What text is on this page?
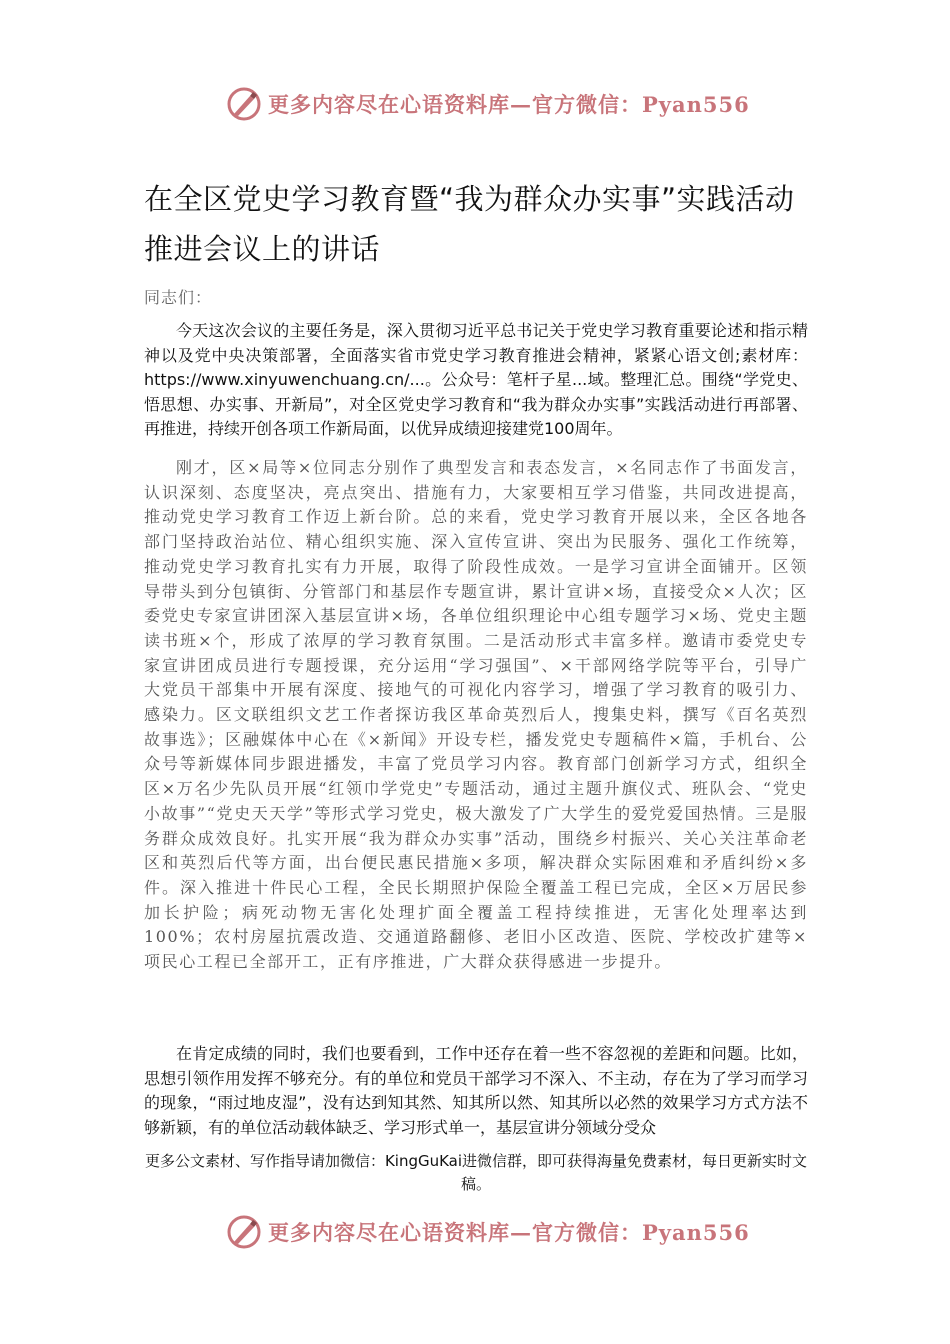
更多内容尽在心语资料库—官方微信：Pyan556
在全区党史学习教育暨“我为群众办实事”实践活动推进会议上的讲话
同志们：

今天这次会议的主要任务是，深入贯彻习近平总书记关于党史学习教育重要论述和指示精神以及党中央决策部署，全面落实省市党史学习教育推进会精神，紧紧心语文创;素材库：https://www.xinyuwenchuang.cn/...。公众号：笔杆子星...域。整理汇总。围绕“学党史、悟思想、办实事、开新局”，对全区党史学习教育和“我为群众办实事”实践活动进行再部署、再推进，持续开创各项工作新局面，以优异成绩迎接建党100周年。

刚才，区×局等×位同志分别作了典型发言和表态发言，×名同志作了书面发言，认识深刻、态度坚决，亮点突出、措施有力，大家要相互学习借鉴，共同改进提高，推动党史学习教育工作迈上新台阶。总的来看，党史学习教育开展以来，全区各地各部门坚持政治站位、精心组织实施、深入宣传宣讲、突出为民服务、强化工作统筹，推动党史学习教育扎实有力开展，取得了阶段性成效。一是学习宣讲全面铺开。区领导带头到分包镇街、分管部门和基层作专题宣讲，累计宣讲×场，直接受众×人次；区委党史专家宣讲团深入基层宣讲×场，各单位组织理论中心组专题学习×场、党史主题读书班×个，形成了浓厚的学习教育氛围。二是活动形式丰富多样。邀请市委党史专家宣讲团成员进行专题授课，充分运用“学习强国”、×干部网络学院等平台，引导广大党员干部集中开展有深度、接地气的可视化内容学习，增强了学习教育的吸引力、感染力。区文联组织文艺工作者探访我区革命英烈后人，搜集史料，撰写《百名英烈故事选》；区融媒体中心在《×新闻》开设专栏，播发党史专题稿件×篇，手机台、公众号等新媒体同步跟进播发，丰富了党员学习内容。教育部门创新学习方式，组织全区×万名少先队员开展“红领巾学党史”专题活动，通过主题升旗仪式、班队会、“党史小故事”“党史天天学”等形式学习党史，极大激发了广大学生的爱党爱国热情。三是服务群众成效良好。扎实开展“我为群众办实事”活动，围绕乡村振兴、关心关注革命老区和英烈后代等方面，出台便民惠民措施×多项，解决群众实际困难和矛盾纠纷×多件。深入推进十件民心工程，全民长期照护保险全覆盖工程已完成，全区×万居民参加长护险；病死动物无害化处理扩面全覆盖工程持续推进，无害化处理率达到100%；农村房屋抗震改造、交通道路翻修、老旧小区改造、医院、学校改扩建等×项民心工程已全部开工，正有序推进，广大群众获得感进一步提升。

在肯定成绩的同时，我们也要看到，工作中还存在着一些不容忽视的差距和问题。比如，思想引领作用发挥不够充分。有的单位和党员干部学习不深入、不主动，存在为了学习而学习的现象，“雨过地皮湿”，没有达到知其然、知其所以然、知其所以必然的效果学习方式方法不够新颖，有的单位活动载体缺乏、学习形式单一，基层宣讲分领域分受众

更多公文素材、写作指导请加微信：KingGuKai进微信群，即可获得海量免费素材，每日更新实时文稿。

更多内容尽在心语资料库—官方微信：Pyan556
